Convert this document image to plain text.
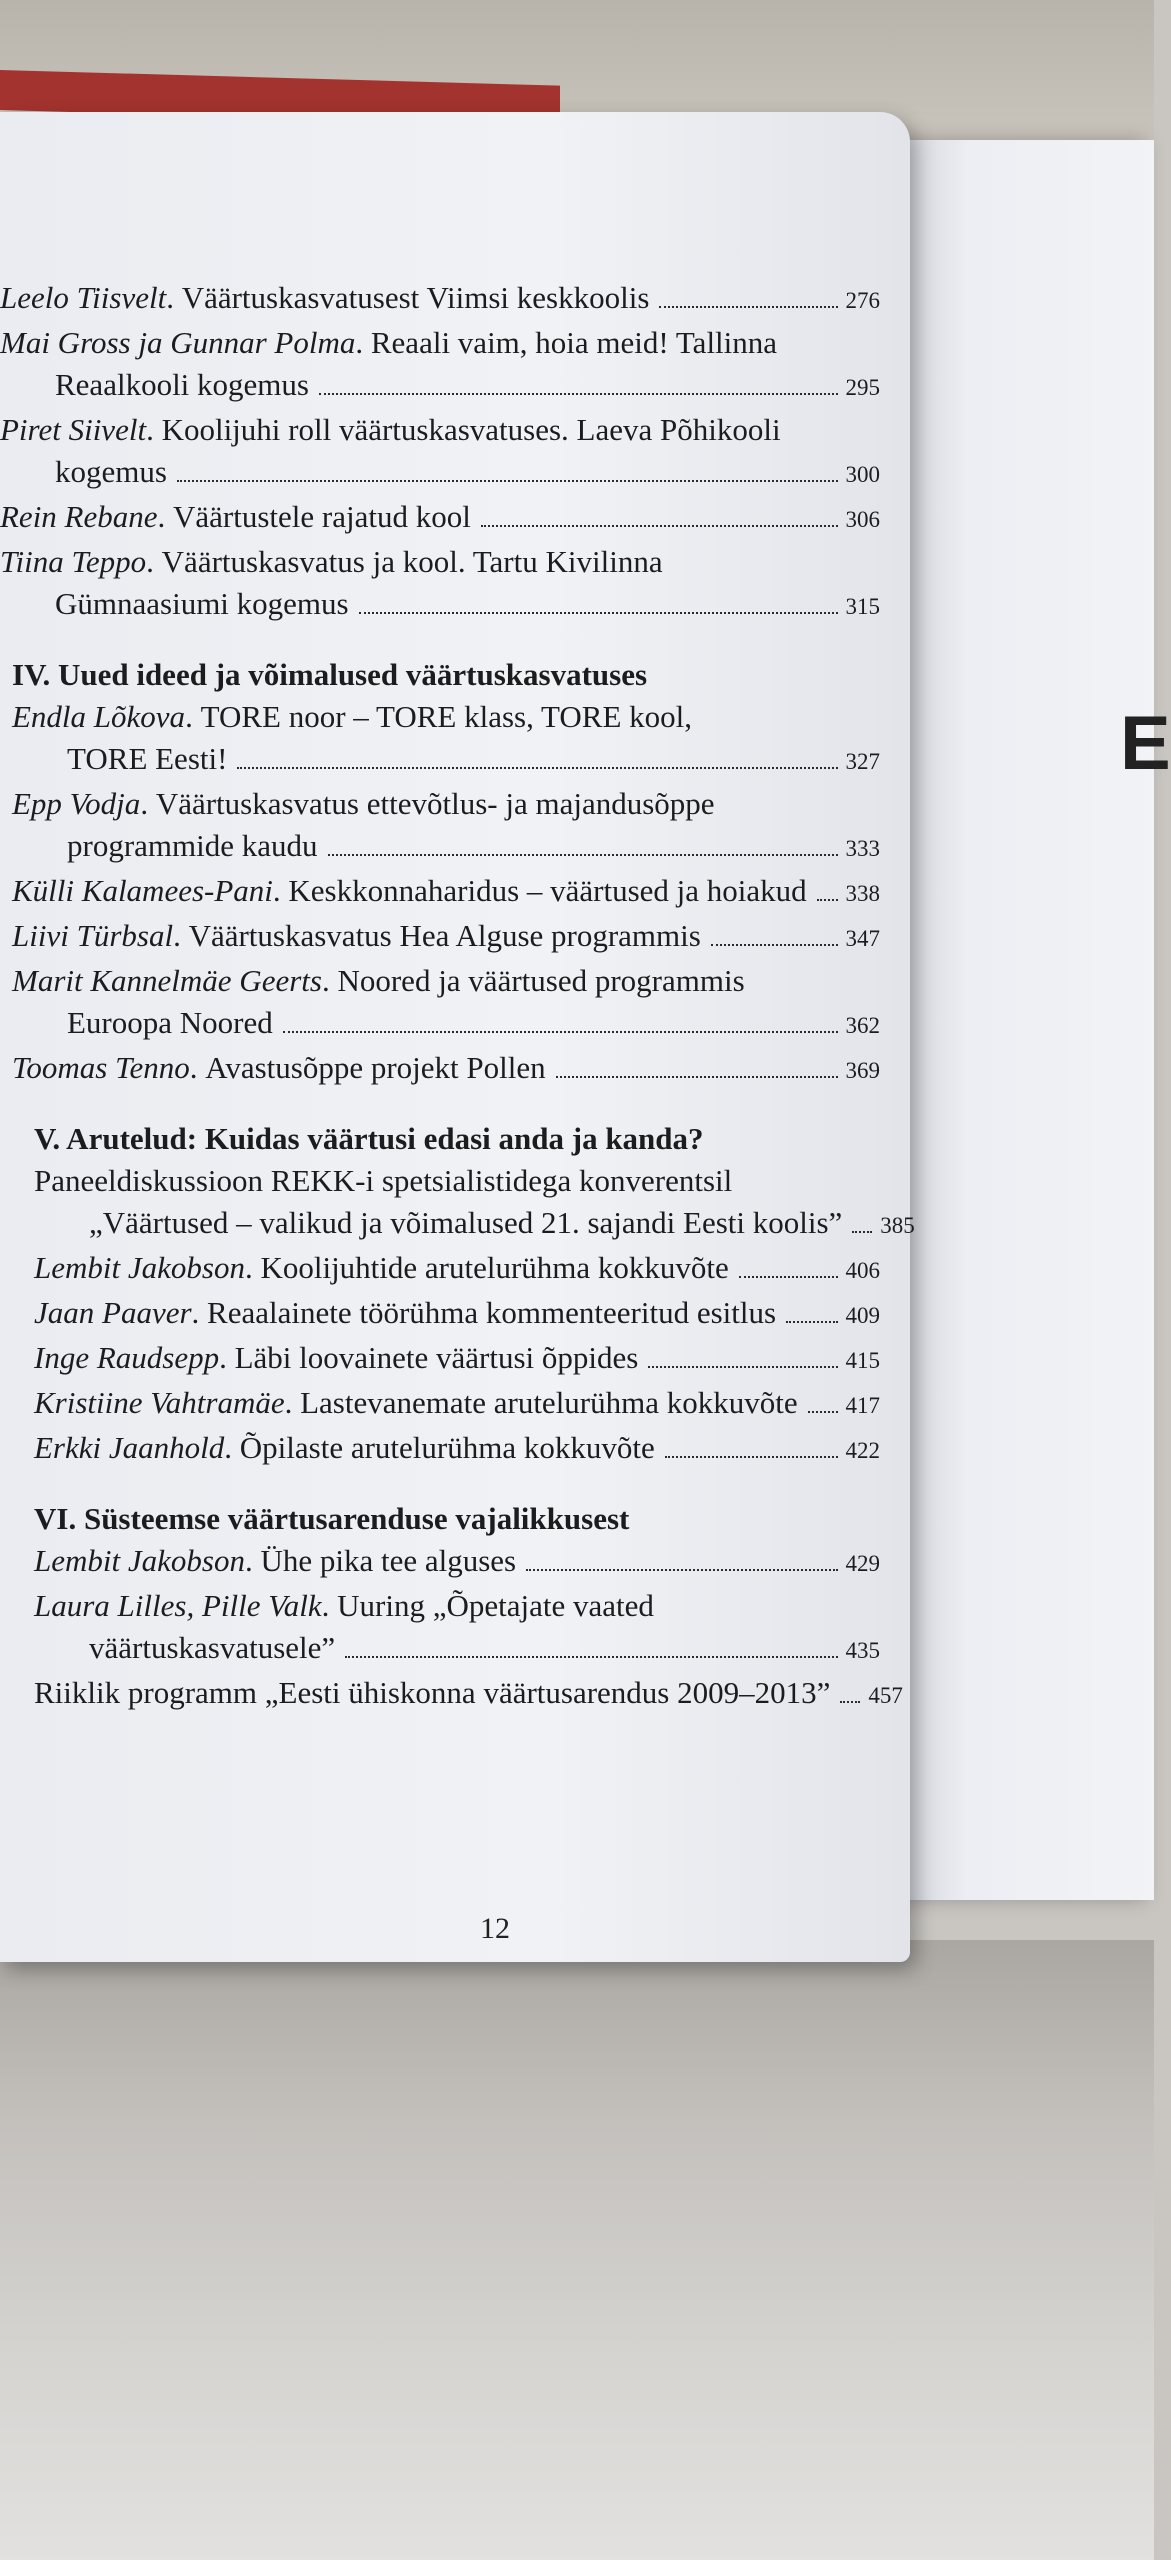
E
Leelo Tiisvelt . Väärtuskasvatusest Viimsi keskkoolis	276
Mai Gross ja Gunnar Polma . Reaali vaim, hoia meid! Tallinna
Reaalkooli kogemus	295
Piret Siivelt . Koolijuhi roll väärtuskasvatuses. Laeva Põhikooli
kogemus	300
Rein Rebane . Väärtustele rajatud kool	306
Tiina Teppo . Väärtuskasvatus ja kool. Tartu Kivilinna
Gümnaasiumi kogemus	315
IV. Uued ideed ja võimalused väärtuskasvatuses
Endla Lõkova . TORE noor – TORE klass, TORE kool,
TORE Eesti!	327
Epp Vodja . Väärtuskasvatus ettevõtlus- ja majandusõppe
programmide kaudu	333
Külli Kalamees-Pani . Keskkonnaharidus – väärtused ja hoiakud 338
Liivi Türbsal . Väärtuskasvatus Hea Alguse programmis	347
Marit Kannelmäe Geerts . Noored ja väärtused programmis
Euroopa Noored	362
Toomas Tenno . Avastusõppe projekt Pollen	369
V. Arutelud: Kuidas väärtusi edasi anda ja kanda?
Paneeldiskussioon REKK-i spetsialistidega konverentsil
„Väärtused – valikud ja võimalused 21. sajandi Eesti koolis” 385
Lembit Jakobson . Koolijuhtide arutelurühma kokkuvõte	406
Jaan Paaver . Reaalainete töörühma kommenteeritud esitlus	409
Inge Raudsepp . Läbi loovainete väärtusi õppides	415
Kristiine Vahtramäe . Lastevanemate arutelurühma kokkuvõte 417
Erkki Jaanhold . Õpilaste arutelurühma kokkuvõte	422
VI. Süsteemse väärtusarenduse vajalikkusest
Lembit Jakobson . Ühe pika tee alguses	429
Laura Lilles, Pille Valk . Uuring „Õpetajate vaated
väärtuskasvatusele”	435
Riiklik programm „Eesti ühiskonna väärtusarendus 2009–2013” 457
12
